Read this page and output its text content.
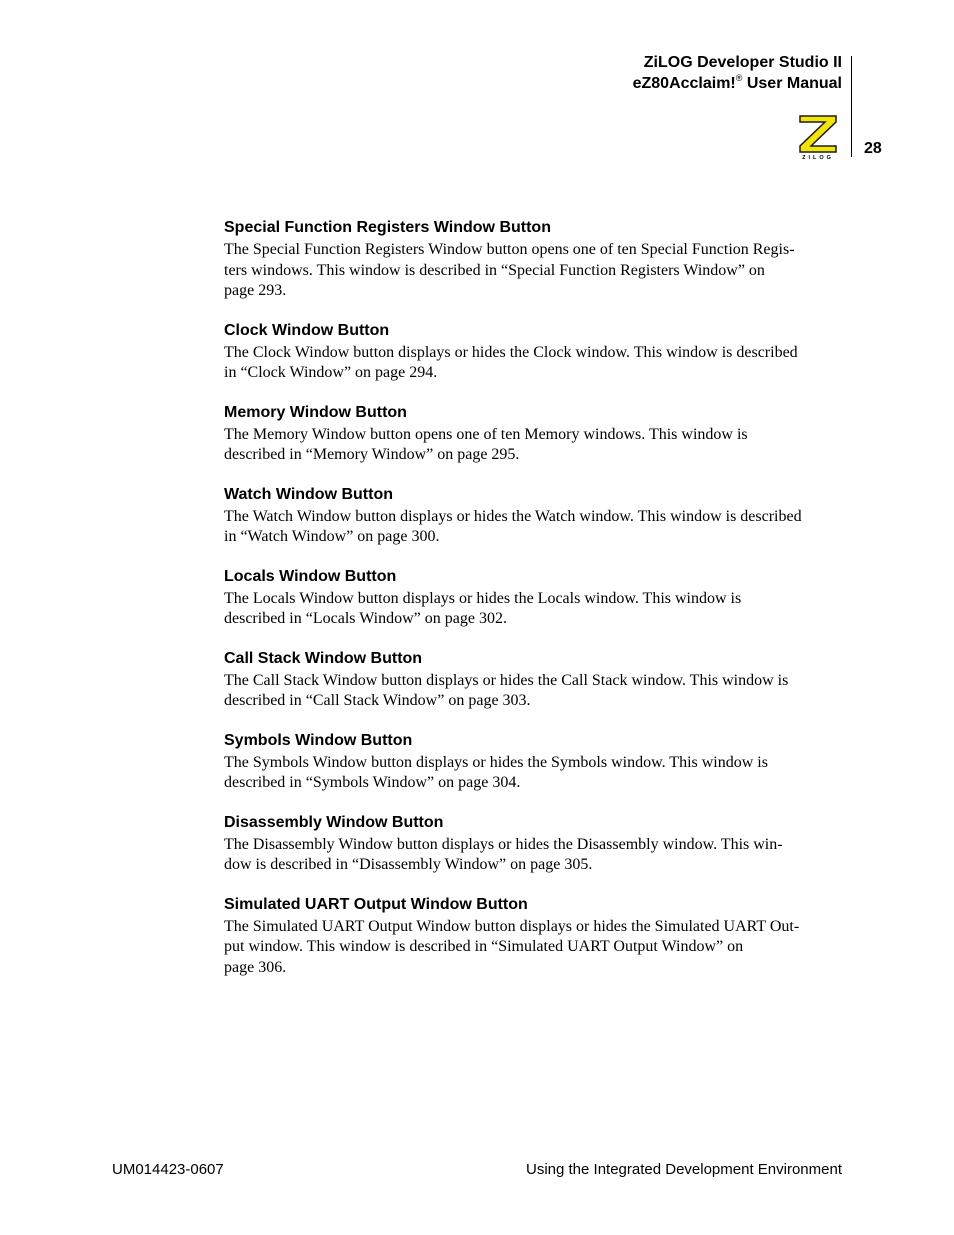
ZiLOG Developer Studio II
eZ80Acclaim!® User Manual
ZILOG
28
Special Function Registers Window Button
The Special Function Registers Window button opens one of ten Special Function Regis-
ters windows. This window is described in “Special Function Registers Window” on
page 293.
Clock Window Button
The Clock Window button displays or hides the Clock window. This window is described
in “Clock Window” on page 294.
Memory Window Button
The Memory Window button opens one of ten Memory windows. This window is
described in “Memory Window” on page 295.
Watch Window Button
The Watch Window button displays or hides the Watch window. This window is described
in “Watch Window” on page 300.
Locals Window Button
The Locals Window button displays or hides the Locals window. This window is
described in “Locals Window” on page 302.
Call Stack Window Button
The Call Stack Window button displays or hides the Call Stack window. This window is
described in “Call Stack Window” on page 303.
Symbols Window Button
The Symbols Window button displays or hides the Symbols window. This window is
described in “Symbols Window” on page 304.
Disassembly Window Button
The Disassembly Window button displays or hides the Disassembly window. This win-
dow is described in “Disassembly Window” on page 305.
Simulated UART Output Window Button
The Simulated UART Output Window button displays or hides the Simulated UART Out-
put window. This window is described in “Simulated UART Output Window” on
page 306.
UM014423-0607	Using the Integrated Development Environment
